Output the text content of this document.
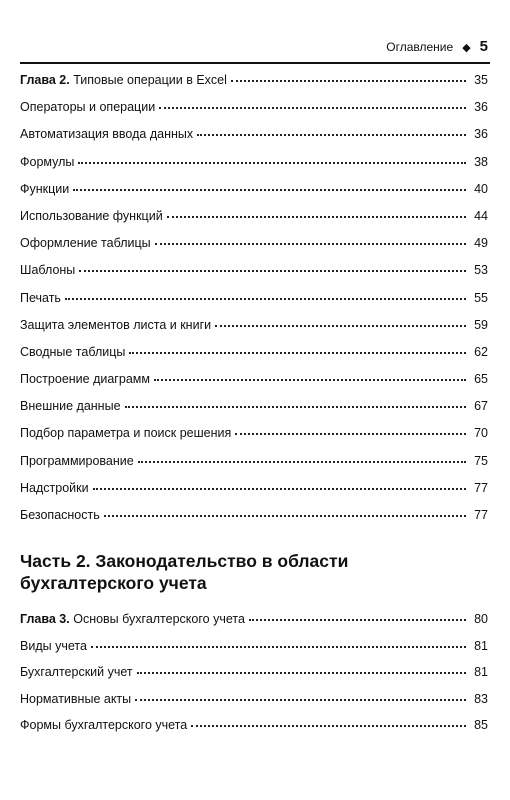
Оглавление ◆ 5
Глава 2. Типовые операции в Excel	35
Операторы и операции	36
Автоматизация ввода данных	36
Формулы	38
Функции	40
Использование функций	44
Оформление таблицы	49
Шаблоны	53
Печать	55
Защита элементов листа и книги	59
Сводные таблицы	62
Построение диаграмм	65
Внешние данные	67
Подбор параметра и поиск решения	70
Программирование	75
Надстройки	77
Безопасность	77
Часть 2. Законодательство в области
бухгалтерского учета
Глава 3. Основы бухгалтерского учета	80
Виды учета	81
Бухгалтерский учет	81
Нормативные акты	83
Формы бухгалтерского учета	85
